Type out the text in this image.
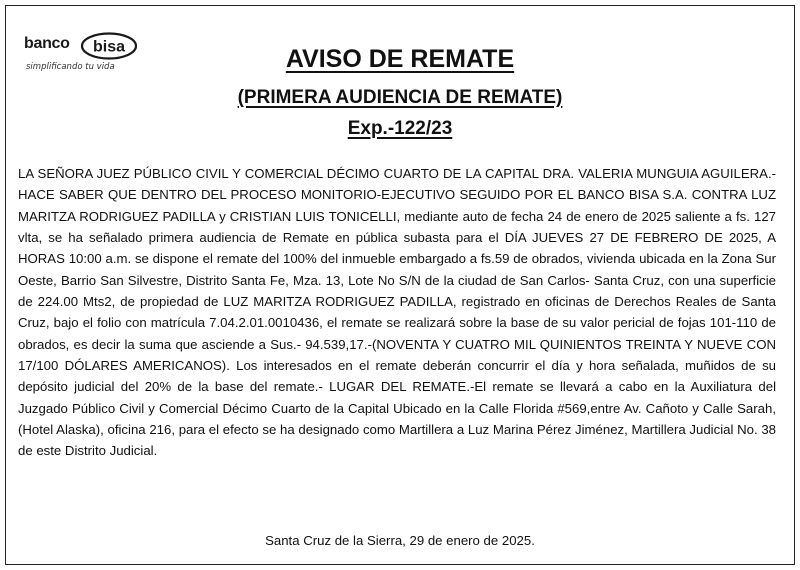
banco bisa
simplificando tu vida	AVISO DE REMATE
(PRIMERA AUDIENCIA DE REMATE)
Exp.-122/23

LA SEÑORA JUEZ PÚBLICO CIVIL Y COMERCIAL DÉCIMO CUARTO DE LA CAPITAL DRA. VALERIA MUNGUIA AGUILERA.- HACE SABER QUE DENTRO DEL PROCESO MONITORIO-EJECUTIVO SEGUIDO POR EL BANCO BISA S.A. CONTRA LUZ MARITZA RODRIGUEZ PADILLA y CRISTIAN LUIS TONICELLI, mediante auto de fecha 24 de enero de 2025 saliente a fs. 127 vlta, se ha señalado primera audiencia de Remate en pública subasta para el DÍA JUEVES 27 DE FEBRERO DE 2025, A HORAS 10:00 a.m. se dispone el remate del 100% del inmueble embargado a fs.59 de obrados, vivienda ubicada en la Zona Sur Oeste, Barrio San Silvestre, Distrito Santa Fe, Mza. 13, Lote No S/N de la ciudad de San Carlos- Santa Cruz, con una superficie de 224.00 Mts2, de propiedad de LUZ MARITZA RODRIGUEZ PADILLA, registrado en oficinas de Derechos Reales de Santa Cruz, bajo el folio con matrícula 7.04.2.01.0010436, el remate se realizará sobre la base de su valor pericial de fojas 101-110 de obrados, es decir la suma que asciende a Sus.- 94.539,17.-(NOVENTA Y CUATRO MIL QUINIENTOS TREINTA Y NUEVE CON 17/100 DÓLARES AMERICANOS). Los interesados en el remate deberán concurrir el día y hora señalada, muñidos de su depósito judicial del 20% de la base del remate.- LUGAR DEL REMATE.-El remate se llevará a cabo en la Auxiliatura del Juzgado Público Civil y Comercial Décimo Cuarto de la Capital Ubicado en la Calle Florida #569,entre Av. Cañoto y Calle Sarah, (Hotel Alaska), oficina 216, para el efecto se ha designado como Martillera a Luz Marina Pérez Jiménez, Martillera Judicial No. 38 de este Distrito Judicial.

Santa Cruz de la Sierra, 29 de enero de 2025.
